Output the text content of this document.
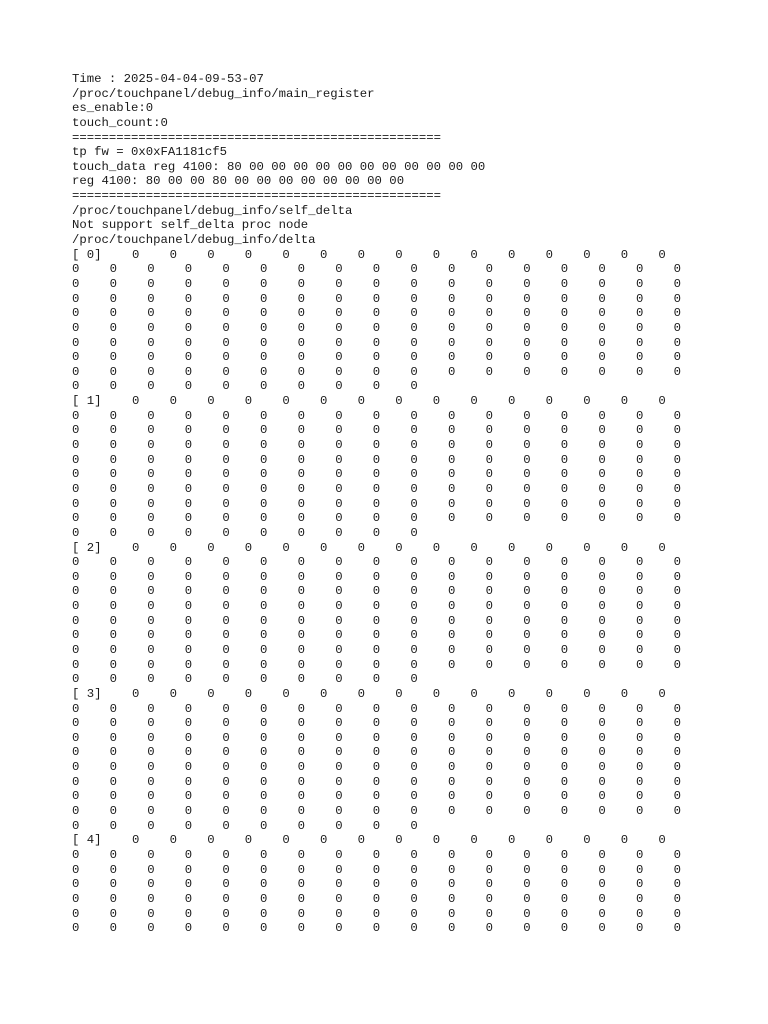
Time : 2025-04-04-09-53-07
/proc/touchpanel/debug_info/main_register
es_enable:0
touch_count:0
==================================================
tp fw = 0x0xFA1181cf5
touch_data reg 4100: 80 00 00 00 00 00 00 00 00 00 00 00
reg 4100: 80 00 00 80 00 00 00 00 00 00 00 00
==================================================
/proc/touchpanel/debug_info/self_delta
Not support self_delta proc node
/proc/touchpanel/debug_info/delta
[ 0] 0 0 0 0 0 0 0 0 0 0 0 0 0 0 0
0 0 0 0 0 0 0 0 0 0 0 0 0 0 0 0 0
0 0 0 0 0 0 0 0 0 0 0 0 0 0 0 0 0
0 0 0 0 0 0 0 0 0 0 0 0 0 0 0 0 0
0 0 0 0 0 0 0 0 0 0 0 0 0 0 0 0 0
0 0 0 0 0 0 0 0 0 0 0 0 0 0 0 0 0
0 0 0 0 0 0 0 0 0 0 0 0 0 0 0 0 0
0 0 0 0 0 0 0 0 0 0 0 0 0 0 0 0 0
0 0 0 0 0 0 0 0 0 0 0 0 0 0 0 0 0
0 0 0 0 0 0 0 0 0 0
[ 1] 0 0 0 0 0 0 0 0 0 0 0 0 0 0 0
0 0 0 0 0 0 0 0 0 0 0 0 0 0 0 0 0
0 0 0 0 0 0 0 0 0 0 0 0 0 0 0 0 0
0 0 0 0 0 0 0 0 0 0 0 0 0 0 0 0 0
0 0 0 0 0 0 0 0 0 0 0 0 0 0 0 0 0
0 0 0 0 0 0 0 0 0 0 0 0 0 0 0 0 0
0 0 0 0 0 0 0 0 0 0 0 0 0 0 0 0 0
0 0 0 0 0 0 0 0 0 0 0 0 0 0 0 0 0
0 0 0 0 0 0 0 0 0 0 0 0 0 0 0 0 0
0 0 0 0 0 0 0 0 0 0
[ 2] 0 0 0 0 0 0 0 0 0 0 0 0 0 0 0
0 0 0 0 0 0 0 0 0 0 0 0 0 0 0 0 0
0 0 0 0 0 0 0 0 0 0 0 0 0 0 0 0 0
0 0 0 0 0 0 0 0 0 0 0 0 0 0 0 0 0
0 0 0 0 0 0 0 0 0 0 0 0 0 0 0 0 0
0 0 0 0 0 0 0 0 0 0 0 0 0 0 0 0 0
0 0 0 0 0 0 0 0 0 0 0 0 0 0 0 0 0
0 0 0 0 0 0 0 0 0 0 0 0 0 0 0 0 0
0 0 0 0 0 0 0 0 0 0 0 0 0 0 0 0 0
0 0 0 0 0 0 0 0 0 0
[ 3] 0 0 0 0 0 0 0 0 0 0 0 0 0 0 0
0 0 0 0 0 0 0 0 0 0 0 0 0 0 0 0 0
0 0 0 0 0 0 0 0 0 0 0 0 0 0 0 0 0
0 0 0 0 0 0 0 0 0 0 0 0 0 0 0 0 0
0 0 0 0 0 0 0 0 0 0 0 0 0 0 0 0 0
0 0 0 0 0 0 0 0 0 0 0 0 0 0 0 0 0
0 0 0 0 0 0 0 0 0 0 0 0 0 0 0 0 0
0 0 0 0 0 0 0 0 0 0 0 0 0 0 0 0 0
0 0 0 0 0 0 0 0 0 0 0 0 0 0 0 0 0
0 0 0 0 0 0 0 0 0 0
[ 4] 0 0 0 0 0 0 0 0 0 0 0 0 0 0 0
0 0 0 0 0 0 0 0 0 0 0 0 0 0 0 0 0
0 0 0 0 0 0 0 0 0 0 0 0 0 0 0 0 0
0 0 0 0 0 0 0 0 0 0 0 0 0 0 0 0 0
0 0 0 0 0 0 0 0 0 0 0 0 0 0 0 0 0
0 0 0 0 0 0 0 0 0 0 0 0 0 0 0 0 0
0 0 0 0 0 0 0 0 0 0 0 0 0 0 0 0 0
